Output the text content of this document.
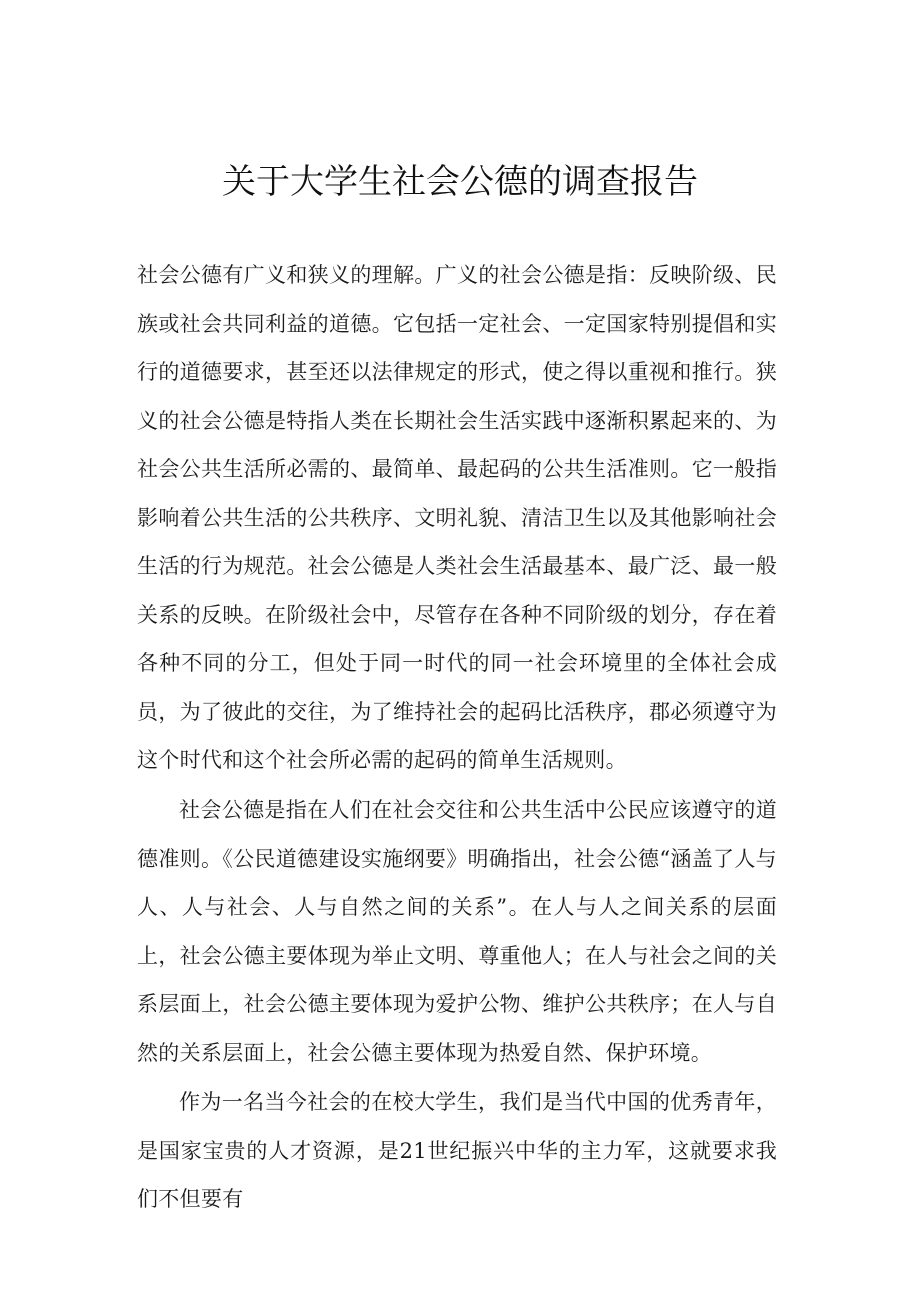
关于大学生社会公德的调查报告

社会公德有广义和狭义的理解。广义的社会公德是指：反映阶级、民族或社会共同利益的道德。它包括一定社会、一定国家特别提倡和实行的道德要求，甚至还以法律规定的形式，使之得以重视和推行。狭义的社会公德是特指人类在长期社会生活实践中逐渐积累起来的、为社会公共生活所必需的、最简单、最起码的公共生活准则。它一般指影响着公共生活的公共秩序、文明礼貌、清洁卫生以及其他影响社会生活的行为规范。社会公德是人类社会生活最基本、最广泛、最一般关系的反映。在阶级社会中，尽管存在各种不同阶级的划分，存在着各种不同的分工，但处于同一时代的同一社会环境里的全体社会成员，为了彼此的交往，为了维持社会的起码比活秩序，郡必须遵守为这个时代和这个社会所必需的起码的简单生活规则。

社会公德是指在人们在社会交往和公共生活中公民应该遵守的道德准则。《公民道德建设实施纲要》明确指出，社会公德“涵盖了人与人、人与社会、人与自然之间的关系”。在人与人之间关系的层面上，社会公德主要体现为举止文明、尊重他人；在人与社会之间的关系层面上，社会公德主要体现为爱护公物、维护公共秩序；在人与自然的关系层面上，社会公德主要体现为热爱自然、保护环境。

作为一名当今社会的在校大学生，我们是当代中国的优秀青年，是国家宝贵的人才资源，是21世纪振兴中华的主力军，这就要求我们不但要有
